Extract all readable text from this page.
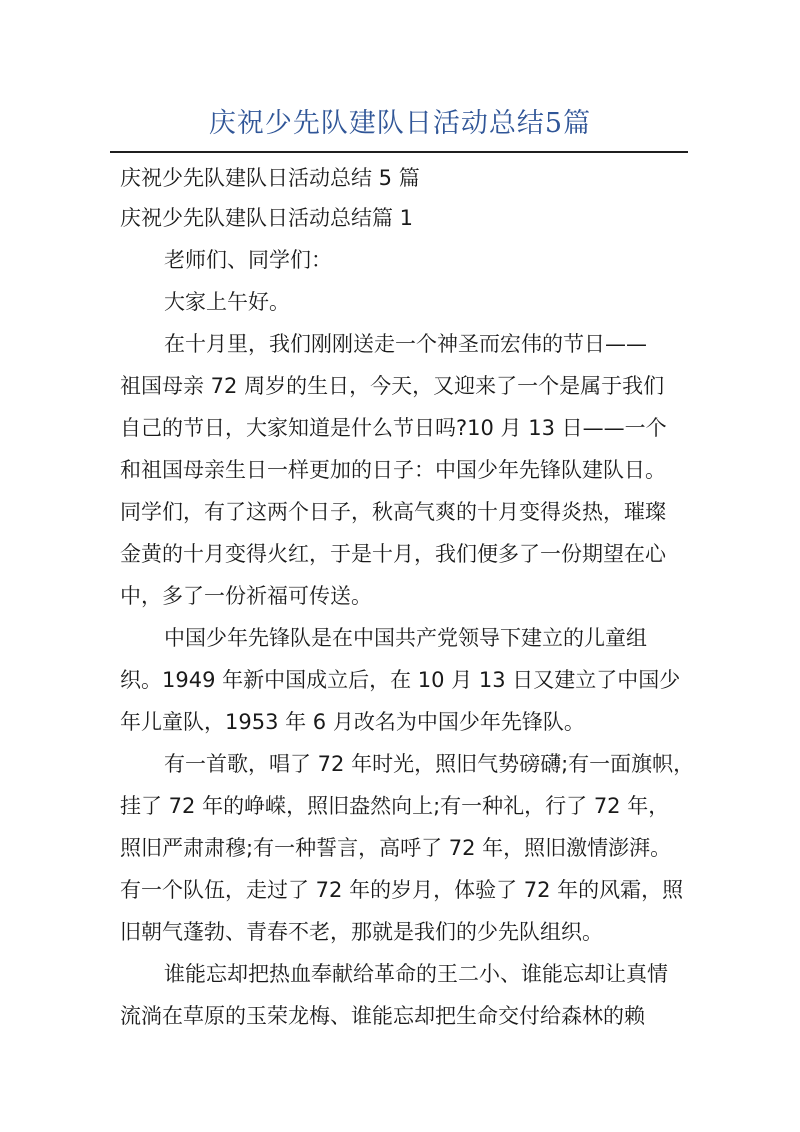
庆祝少先队建队日活动总结5篇
庆祝少先队建队日活动总结 5 篇
庆祝少先队建队日活动总结篇 1
老师们、同学们：
大家上午好。
在十月里，我们刚刚送走一个神圣而宏伟的节日——
祖国母亲 72 周岁的生日，今天，又迎来了一个是属于我们
自己的节日，大家知道是什么节日吗?10 月 13 日——一个
和祖国母亲生日一样更加的日子：中国少年先锋队建队日。
同学们，有了这两个日子，秋高气爽的十月变得炎热，璀璨
金黄的十月变得火红，于是十月，我们便多了一份期望在心
中，多了一份祈福可传送。
中国少年先锋队是在中国共产党领导下建立的儿童组
织。1949 年新中国成立后，在 10 月 13 日又建立了中国少
年儿童队，1953 年 6 月改名为中国少年先锋队。
有一首歌，唱了 72 年时光，照旧气势磅礴;有一面旗帜，
挂了 72 年的峥嵘，照旧盎然向上;有一种礼，行了 72 年，
照旧严肃肃穆;有一种誓言，高呼了 72 年，照旧激情澎湃。
有一个队伍，走过了 72 年的岁月，体验了 72 年的风霜，照
旧朝气蓬勃、青春不老，那就是我们的少先队组织。
谁能忘却把热血奉献给革命的王二小、谁能忘却让真情
流淌在草原的玉荣龙梅、谁能忘却把生命交付给森林的赖
